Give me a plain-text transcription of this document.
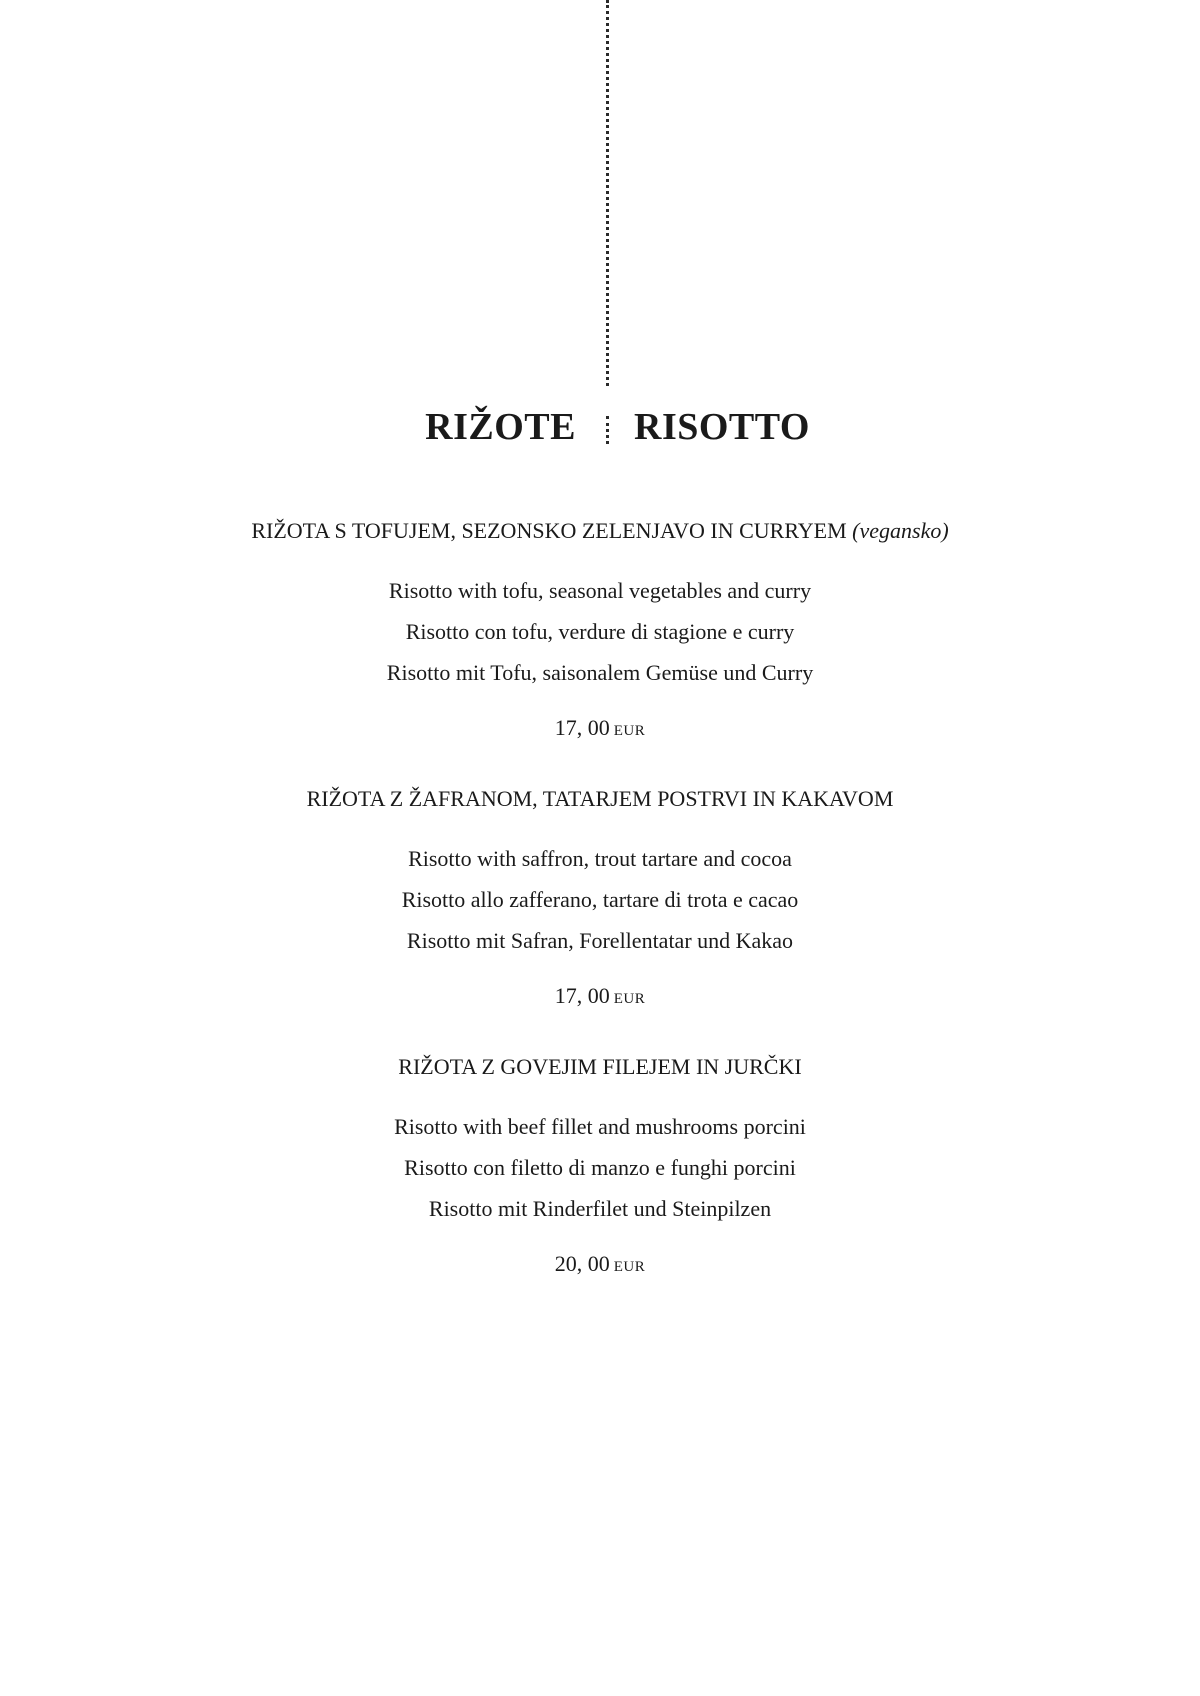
RIŽOTE RISOTTO
RIŽOTA S TOFUJEM, SEZONSKO ZELENJAVO IN CURRYEM (vegansko)
Risotto with tofu, seasonal vegetables and curry
Risotto con tofu, verdure di stagione e curry
Risotto mit Tofu, saisonalem Gemüse und Curry
17, 00 EUR
RIŽOTA Z ŽAFRANOM, TATARJEM POSTRVI IN KAKAVOM
Risotto with saffron, trout tartare and cocoa
Risotto allo zafferano, tartare di trota e cacao
Risotto mit Safran, Forellentatar und Kakao
17, 00 EUR
RIŽOTA Z GOVEJIM FILEJEM IN JURČKI
Risotto with beef fillet and mushrooms porcini
Risotto con filetto di manzo e funghi porcini
Risotto mit Rinderfilet und Steinpilzen
20, 00 EUR
